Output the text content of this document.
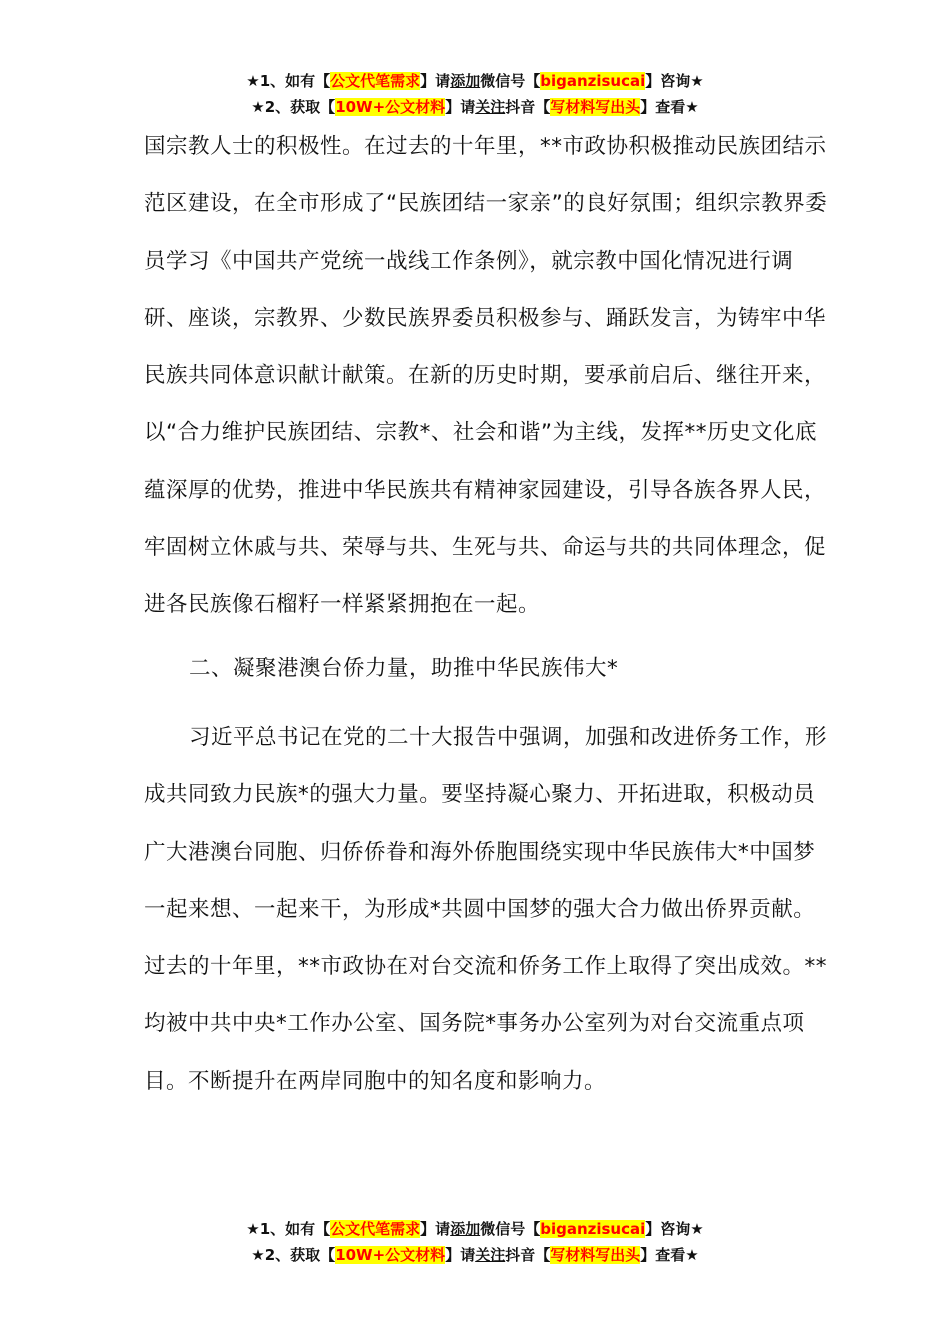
★1、如有【公文代笔需求】请添加微信号【biganzisucai】咨询★
★2、获取【10W+公文材料】请关注抖音【写材料写出头】查看★

国宗教人士的积极性。在过去的十年里，**市政协积极推动民族团结示范区建设，在全市形成了“民族团结一家亲”的良好氛围；组织宗教界委员学习《中国共产党统一战线工作条例》，就宗教中国化情况进行调研、座谈，宗教界、少数民族界委员积极参与、踊跃发言，为铸牢中华民族共同体意识献计献策。在新的历史时期，要承前启后、继往开来，以“合力维护民族团结、宗教*、社会和谐”为主线，发挥**历史文化底蕴深厚的优势，推进中华民族共有精神家园建设，引导各族各界人民，牢固树立休戚与共、荣辱与共、生死与共、命运与共的共同体理念，促进各民族像石榴籽一样紧紧拥抱在一起。

二、凝聚港澳台侨力量，助推中华民族伟大*

习近平总书记在党的二十大报告中强调，加强和改进侨务工作，形成共同致力民族*的强大力量。要坚持凝心聚力、开拓进取，积极动员广大港澳台同胞、归侨侨眷和海外侨胞围绕实现中华民族伟大*中国梦一起来想、一起来干，为形成*共圆中国梦的强大合力做出侨界贡献。过去的十年里，**市政协在对台交流和侨务工作上取得了突出成效。**均被中共中央*工作办公室、国务院*事务办公室列为对台交流重点项目。不断提升在两岸同胞中的知名度和影响力。

★1、如有【公文代笔需求】请添加微信号【biganzisucai】咨询★
★2、获取【10W+公文材料】请关注抖音【写材料写出头】查看★
